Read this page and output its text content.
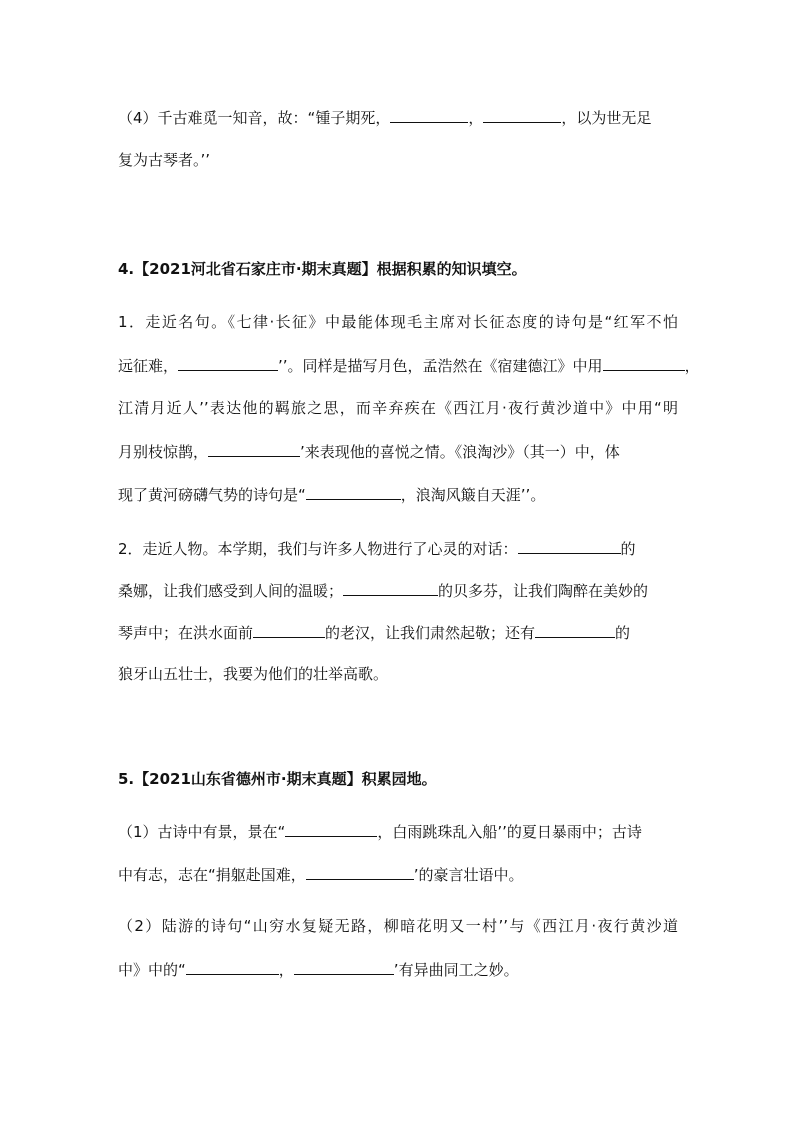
（4）千古难觅一知音，故：“锺子期死，	，	，以为世无足
复为古琴者。’’
4.【2021河北省石家庄市·期末真题】根据积累的知识填空。
1．走近名句。《七律·长征》中最能体现毛主席对长征态度的诗句是“红军不怕
远征难，	’’。同样是描写月色，孟浩然在《宿建德江》中用	，
江清月近人’’表达他的羁旅之思，而辛弃疾在《西江月·夜行黄沙道中》中用“明
月别枝惊鹊，	’来表现他的喜悦之情。《浪淘沙》（其一）中，体
现了黄河磅礴气势的诗句是“	，浪淘风簸自天涯’’。
2．走近人物。本学期，我们与许多人物进行了心灵的对话：	的
桑娜，让我们感受到人间的温暖；	的贝多芬，让我们陶醉在美妙的
琴声中；在洪水面前	的老汉，让我们肃然起敬；还有	的
狼牙山五壮士，我要为他们的壮举高歌。
5.【2021山东省德州市·期末真题】积累园地。
（1）古诗中有景，景在“	，白雨跳珠乱入船’’的夏日暴雨中；古诗
中有志，志在“捐躯赴国难，	’的豪言壮语中。
（2）陆游的诗句“山穷水复疑无路，柳暗花明又一村’’与《西江月·夜行黄沙道
中》中的“	，	’有异曲同工之妙。
